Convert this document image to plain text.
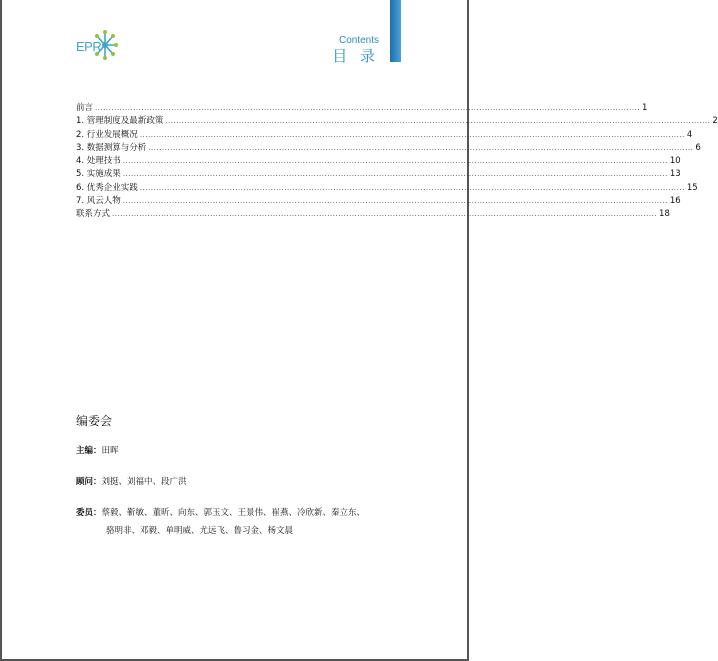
EPR	Contents
目 录
前言 ........................................................................................................................................................................................................ 1
1. 管理制度及最新政策 ........................................................................................................................................................................................................ 2
2. 行业发展概况 ........................................................................................................................................................................................................ 4
3. 数据测算与分析 ........................................................................................................................................................................................................ 6
4. 处理技书 ........................................................................................................................................................................................................ 10
5. 实施成果 ........................................................................................................................................................................................................ 13
6. 优秀企业实践 ........................................................................................................................................................................................................ 15
7. 风云人物 ........................................................................................................................................................................................................ 16
联系方式 ........................................................................................................................................................................................................ 18
编委会
主编：田晖
顾问：刘挺、刘福中、段广洪
委员：蔡毅、靳敏、董昕、向东、郭玉文、王景伟、崔燕、冷欣新、秦立东、
骆明非、邓毅、单明威、尤远飞、鲁习金、杨文晨
